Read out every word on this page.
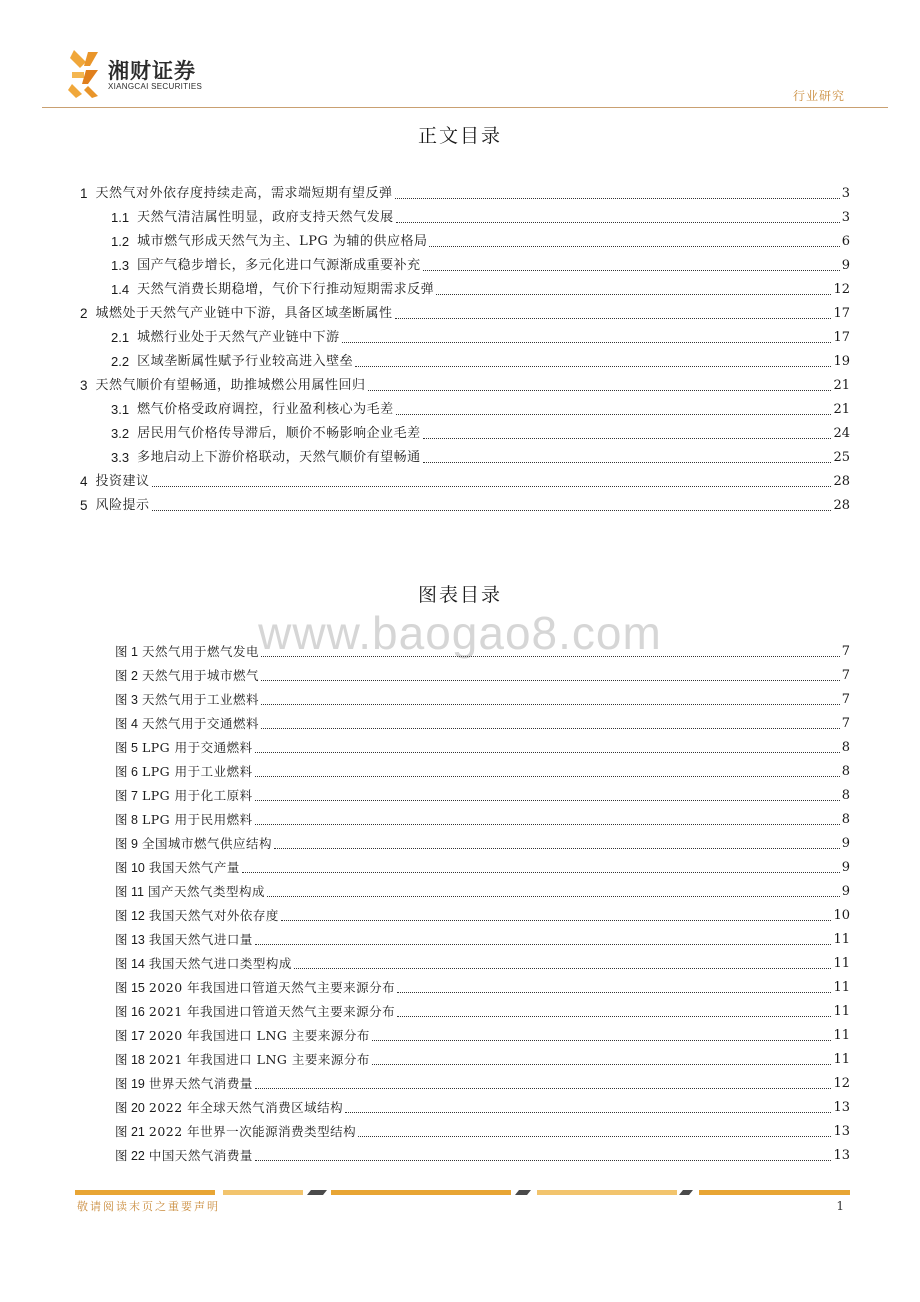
湘财证券
XIANGCAI SECURITIES
行业研究
正文目录
1 天然气对外依存度持续走高，需求端短期有望反弹	3
1.1 天然气清洁属性明显，政府支持天然气发展	3
1.2 城市燃气形成天然气为主、LPG 为辅的供应格局	6
1.3 国产气稳步增长，多元化进口气源渐成重要补充	9
1.4 天然气消费长期稳增，气价下行推动短期需求反弹	12
2 城燃处于天然气产业链中下游，具备区域垄断属性	17
2.1 城燃行业处于天然气产业链中下游	17
2.2 区域垄断属性赋予行业较高进入壁垒	19
3 天然气顺价有望畅通，助推城燃公用属性回归	21
3.1 燃气价格受政府调控，行业盈利核心为毛差	21
3.2 居民用气价格传导滞后，顺价不畅影响企业毛差	24
3.3 多地启动上下游价格联动，天然气顺价有望畅通	25
4 投资建议	28
5 风险提示	28
图表目录
www.baogao8.com
图 1 天然气用于燃气发电	7
图 2 天然气用于城市燃气	7
图 3 天然气用于工业燃料	7
图 4 天然气用于交通燃料	7
图 5 LPG 用于交通燃料	8
图 6 LPG 用于工业燃料	8
图 7 LPG 用于化工原料	8
图 8 LPG 用于民用燃料	8
图 9 全国城市燃气供应结构	9
图 10 我国天然气产量	9
图 11 国产天然气类型构成	9
图 12 我国天然气对外依存度	10
图 13 我国天然气进口量	11
图 14 我国天然气进口类型构成	11
图 15 2020 年我国进口管道天然气主要来源分布	11
图 16 2021 年我国进口管道天然气主要来源分布	11
图 17 2020 年我国进口 LNG 主要来源分布	11
图 18 2021 年我国进口 LNG 主要来源分布	11
图 19 世界天然气消费量	12
图 20 2022 年全球天然气消费区域结构	13
图 21 2022 年世界一次能源消费类型结构	13
图 22 中国天然气消费量	13
敬请阅读末页之重要声明	1
